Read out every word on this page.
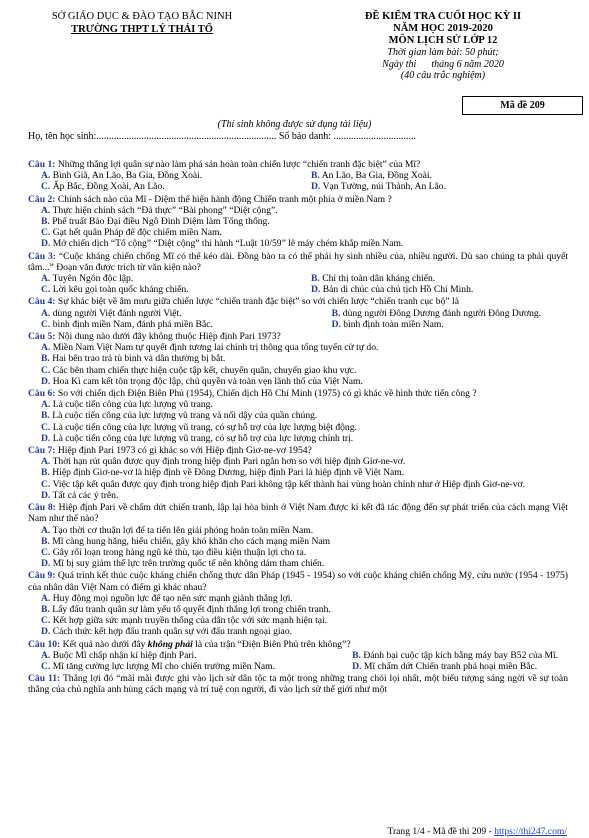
SỞ GIÁO DỤC & ĐÀO TẠO BẮC NINH
TRƯỜNG THPT LÝ THÁI TỔ
ĐỀ KIỂM TRA CUỐI HỌC KỲ II
NĂM HỌC 2019-2020
MÔN LỊCH SỬ LỚP 12
Thời gian làm bài: 50 phút;
Ngày thi      tháng 6 năm 2020
(40 câu trắc nghiệm)
Mã đề 209
(Thí sinh không được sử dụng tài liệu)
Họ, tên học sinh:........................................................................ Số báo danh: .................................
Câu 1: Những thắng lợi quân sự nào làm phá sản hoàn toàn chiến lược “chiến tranh đặc biệt” của Mĩ?
A. Bình Giã, An Lão, Ba Gia, Đồng Xoài.	B. An Lão, Ba Gia, Đồng Xoài.
C. Ấp Bắc, Đồng Xoài, An Lão.	D. Vạn Tường, núi Thành, An Lão.
Câu 2: Chính sách nào của Mĩ - Diệm thể hiện hành động Chiến tranh một phía ở miền Nam ?
A. Thực hiện chính sách “Đả thực” “Bài phong” “Diệt cộng”.
B. Phế truất Bảo Đại điều Ngô Đình Diệm làm Tổng thống.
C. Gạt hết quân Pháp để độc chiếm miền Nam.
D. Mở chiến dịch “Tố cộng” “Diệt cộng” thi hành “Luật 10/59” lê máy chém khắp miền Nam.
Câu 3: “Cuộc kháng chiến chống Mĩ có thể kéo dài. Đồng bào ta có thể phải hy sinh nhiều của, nhiều người. Dù sao chúng ta phải quyết tâm...” Đoạn văn được trích từ văn kiện nào?
A. Tuyên Ngôn độc lập.	B. Chỉ thị toàn dân kháng chiến.
C. Lời kêu gọi toàn quốc kháng chiến.	D. Bản di chúc của chủ tịch Hồ Chí Minh.
Câu 4: Sự khác biệt về âm mưu giữa chiến lược “chiến tranh đặc biệt” so với chiến lược “chiến tranh cục bộ” là
A. dùng người Việt đánh người Việt.	B. dùng người Đông Dương đánh người Đông Dương.
C. bình định miền Nam, đánh phá miền Bắc.	D. bình định toàn miền Nam.
Câu 5: Nội dung nào dưới đây không thuộc Hiệp định Pari 1973?
A. Miền Nam Việt Nam tự quyết định tương lai chính trị thông qua tổng tuyển cử tự do.
B. Hai bên trao trả tù binh và dân thường bị bắt.
C. Các bên tham chiến thực hiện cuộc tập kết, chuyển quân, chuyển giao khu vực.
D. Hoa Kì cam kết tôn trọng độc lập, chủ quyền và toàn vẹn lãnh thổ của Việt Nam.
Câu 6: So với chiến dịch Điện Biên Phủ (1954), Chiến dịch Hồ Chí Minh (1975) có gì khác về hình thức tiến công ?
A. Là cuộc tiến công của lực lượng vũ trang.
B. Là cuộc tiến công của lực lượng vũ trang và nổi dậy của quần chúng.
C. Là cuộc tiến công của lực lượng vũ trang, có sự hỗ trợ của lực lượng biệt động.
D. Là cuộc tiến công của lực lượng vũ trang, có sự hỗ trợ của lực lượng chính trị.
Câu 7: Hiệp định Pari 1973 có gì khác so với Hiệp định Giơ-ne-vơ 1954?
A. Thời hạn rút quân được quy định trong hiệp định Pari ngắn hơn so với hiệp định Giơ-ne-vơ.
B. Hiệp định Giơ-ne-vơ là hiệp định về Đông Dương, hiệp định Pari là hiệp định về Việt Nam.
C. Việc tập kết quân được quy định trong hiệp định Pari không tập kết thành hai vùng hoàn chỉnh như ở Hiệp định Giơ-ne-vơ.
D. Tất cả các ý trên.
Câu 8: Hiệp định Pari về chấm dứt chiến tranh, lập lại hòa bình ở Việt Nam được kí kết đã tác động đến sự phát triển của cách mạng Việt Nam như thế nào?
A. Tạo thời cơ thuận lợi để ta tiến lên giải phóng hoàn toàn miền Nam.
B. Mĩ càng hung hăng, hiếu chiến, gây khó khăn cho cách mạng miền Nam
C. Gây rối loạn trong hàng ngũ kẻ thù, tạo điều kiện thuận lợi cho ta.
D. Mĩ bị suy giảm thế lực trên trường quốc tế nên không dám tham chiến.
Câu 9: Quá trình kết thúc cuộc kháng chiến chống thực dân Pháp (1945 - 1954) so với cuộc kháng chiến chống Mỹ, cứu nước (1954 - 1975) của nhân dân Việt Nam có điểm gì khác nhau?
A. Huy động mọi nguồn lực để tạo nên sức mạnh giành thắng lợi.
B. Lấy đấu tranh quân sự làm yếu tố quyết định thắng lợi trong chiến tranh.
C. Kết hợp giữa sức mạnh truyền thống của dân tộc với sức mạnh hiện tại.
D. Cách thức kết hợp đấu tranh quân sự với đấu tranh ngoại giao.
Câu 10: Kết quả nào dưới đây không phải là của trận “Điện Biên Phủ trên không”?
A. Buộc Mĩ chấp nhận kí hiệp định Pari.	B. Đánh bại cuộc tập kích bằng máy bay B52 của Mĩ.
C. Mĩ tăng cường lực lượng Mĩ cho chiến trường miền Nam.	D. Mĩ chấm dứt Chiến tranh phá hoại miền Bắc.
Câu 11: Thắng lợi đó “mãi mãi được ghi vào lịch sử dân tộc ta một trong những trang chói lọi nhất, một biểu tượng sáng ngời về sự toàn thắng của chủ nghĩa anh hùng cách mạng và trí tuệ con người, đi vào lịch sử thế giới như một
Trang 1/4 - Mã đề thi 209 - https://thi247.com/
